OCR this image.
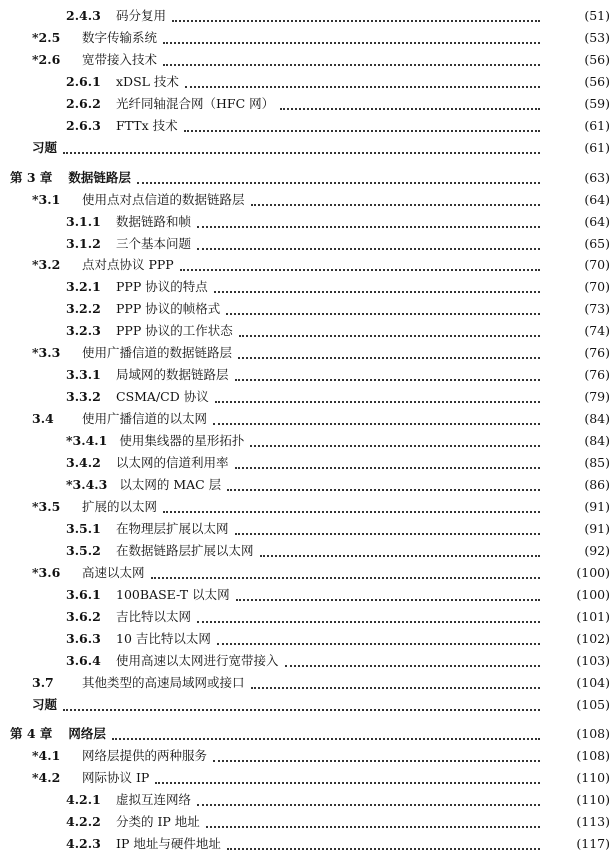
2.4.3 码分复用	(51)
*2.5 数字传输系统	(53)
*2.6 宽带接入技术	(56)
2.6.1 xDSL 技术	(56)
2.6.2 光纤同轴混合网（HFC 网）	(59)
2.6.3 FTTx 技术	(61)
习题	(61)
第 3 章 数据链路层	(63)
*3.1 使用点对点信道的数据链路层	(64)
3.1.1 数据链路和帧	(64)
3.1.2 三个基本问题	(65)
*3.2 点对点协议 PPP	(70)
3.2.1 PPP 协议的特点	(70)
3.2.2 PPP 协议的帧格式	(73)
3.2.3 PPP 协议的工作状态	(74)
*3.3 使用广播信道的数据链路层	(76)
3.3.1 局域网的数据链路层	(76)
3.3.2 CSMA/CD 协议	(79)
3.4 使用广播信道的以太网	(84)
*3.4.1 使用集线器的星形拓扑	(84)
3.4.2 以太网的信道利用率	(85)
*3.4.3 以太网的 MAC 层	(86)
*3.5 扩展的以太网	(91)
3.5.1 在物理层扩展以太网	(91)
3.5.2 在数据链路层扩展以太网	(92)
*3.6 高速以太网	(100)
3.6.1 100BASE-T 以太网	(100)
3.6.2 吉比特以太网	(101)
3.6.3 10 吉比特以太网	(102)
3.6.4 使用高速以太网进行宽带接入	(103)
3.7 其他类型的高速局域网或接口	(104)
习题	(105)
第 4 章 网络层	(108)
*4.1 网络层提供的两种服务	(108)
*4.2 网际协议 IP	(110)
4.2.1 虚拟互连网络	(110)
4.2.2 分类的 IP 地址	(113)
4.2.3 IP 地址与硬件地址	(117)
